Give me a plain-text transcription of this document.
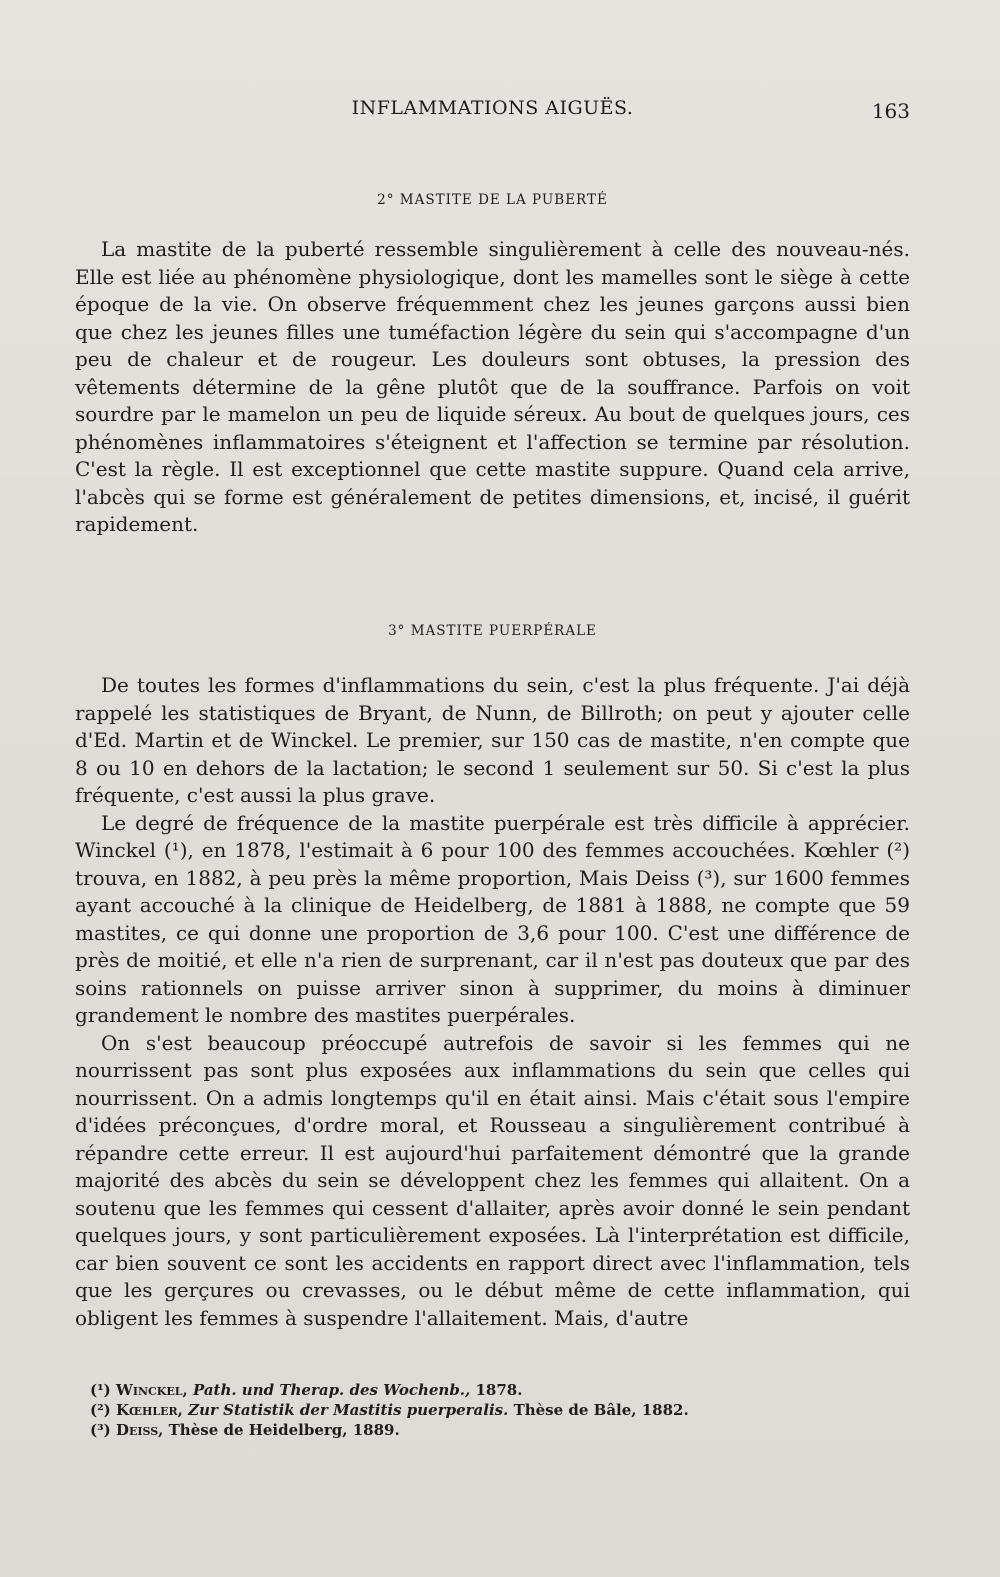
INFLAMMATIONS AIGUËS.	163
2° MASTITE DE LA PUBERTÉ

La mastite de la puberté ressemble singulièrement à celle des nouveau-nés. Elle est liée au phénomène physiologique, dont les mamelles sont le siège à cette époque de la vie. On observe fréquemment chez les jeunes garçons aussi bien que chez les jeunes filles une tuméfaction légère du sein qui s'accompagne d'un peu de chaleur et de rougeur. Les douleurs sont obtuses, la pression des vêtements détermine de la gêne plutôt que de la souffrance. Parfois on voit sourdre par le mamelon un peu de liquide séreux. Au bout de quelques jours, ces phénomènes inflammatoires s'éteignent et l'affection se termine par résolution. C'est la règle. Il est exceptionnel que cette mastite suppure. Quand cela arrive, l'abcès qui se forme est généralement de petites dimensions, et, incisé, il guérit rapidement.

3° MASTITE PUERPÉRALE

De toutes les formes d'inflammations du sein, c'est la plus fréquente. J'ai déjà rappelé les statistiques de Bryant, de Nunn, de Billroth; on peut y ajouter celle d'Ed. Martin et de Winckel. Le premier, sur 150 cas de mastite, n'en compte que 8 ou 10 en dehors de la lactation; le second 1 seulement sur 50. Si c'est la plus fréquente, c'est aussi la plus grave.

Le degré de fréquence de la mastite puerpérale est très difficile à apprécier. Winckel (¹), en 1878, l'estimait à 6 pour 100 des femmes accouchées. Kœhler (²) trouva, en 1882, à peu près la même proportion, Mais Deiss (³), sur 1600 femmes ayant accouché à la clinique de Heidelberg, de 1881 à 1888, ne compte que 59 mastites, ce qui donne une proportion de 3,6 pour 100. C'est une différence de près de moitié, et elle n'a rien de surprenant, car il n'est pas douteux que par des soins rationnels on puisse arriver sinon à supprimer, du moins à diminuer grandement le nombre des mastites puerpérales.

On s'est beaucoup préoccupé autrefois de savoir si les femmes qui ne nourrissent pas sont plus exposées aux inflammations du sein que celles qui nourrissent. On a admis longtemps qu'il en était ainsi. Mais c'était sous l'empire d'idées préconçues, d'ordre moral, et Rousseau a singulièrement contribué à répandre cette erreur. Il est aujourd'hui parfaitement démontré que la grande majorité des abcès du sein se développent chez les femmes qui allaitent. On a soutenu que les femmes qui cessent d'allaiter, après avoir donné le sein pendant quelques jours, y sont particulièrement exposées. Là l'interprétation est difficile, car bien souvent ce sont les accidents en rapport direct avec l'inflammation, tels que les gerçures ou crevasses, ou le début même de cette inflammation, qui obligent les femmes à suspendre l'allaitement. Mais, d'autre

(¹) Winckel, Path. und Therap. des Wochenb., 1878.
(²) Kœhler, Zur Statistik der Mastitis puerperalis. Thèse de Bâle, 1882.
(³) Deiss, Thèse de Heidelberg, 1889.
